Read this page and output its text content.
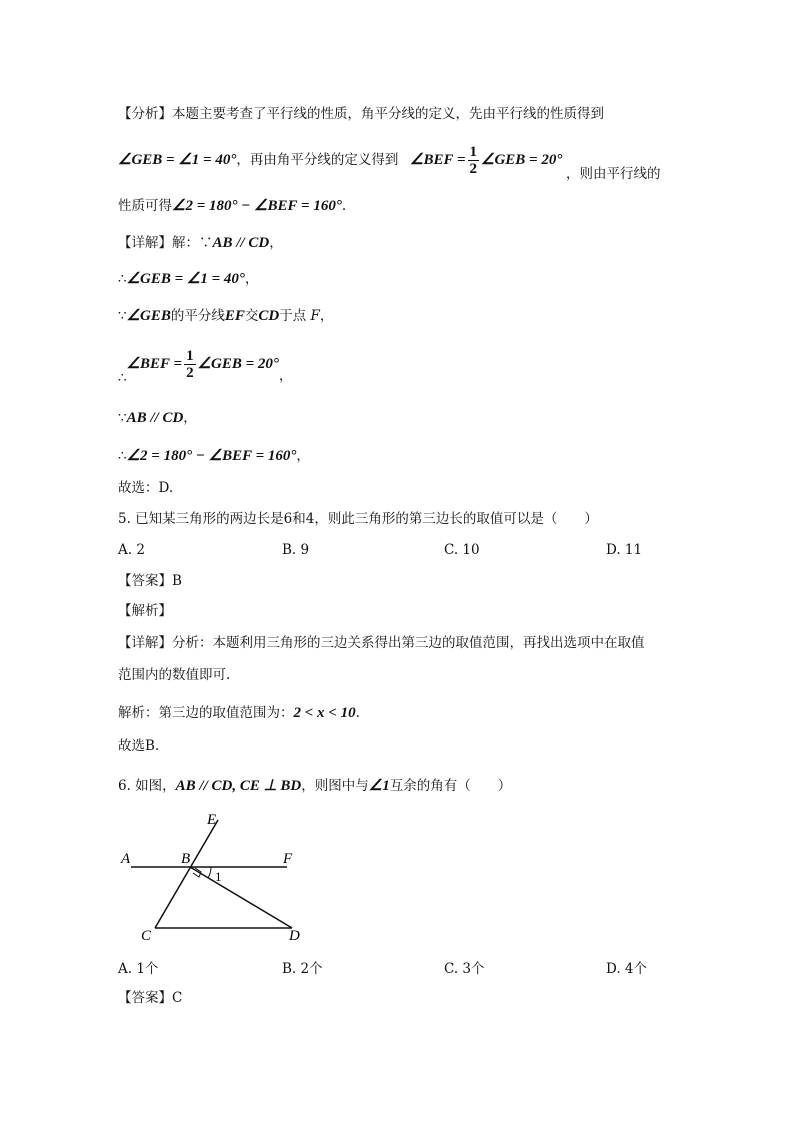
【分析】本题主要考查了平行线的性质，角平分线的定义，先由平行线的性质得到
∠GEB = ∠1 = 40°，再由角平分线的定义得到 ∠BEF = $\frac{1}{2}$ ∠GEB = 20°
，则由平行线的
性质可得∠2 = 180° − ∠BEF = 160°.
【详解】解：∵AB // CD，
∴∠GEB = ∠1 = 40°，
∵∠GEB的平分线EF交CD于点 F，
∴∠BEF = $\frac{1}{2}$ ∠GEB = 20°，
∵AB // CD，
∴∠2 = 180° − ∠BEF = 160°，
故选：D.
5. 已知某三角形的两边长是6和4，则此三角形的第三边长的取值可以是（　　）
A. 2	B. 9	C. 10	D. 11
【答案】B
【解析】
【详解】分析：本题利用三角形的三边关系得出第三边的取值范围，再找出选项中在取值
范围内的数值即可.
解析：第三边的取值范围为：2 < x < 10.
故选B.
6. 如图，AB // CD, CE ⊥ BD，则图中与∠1互余的角有（　　）
E
A	B	F
1
C	D
A. 1个	B. 2个	C. 3个	D. 4个
【答案】C
